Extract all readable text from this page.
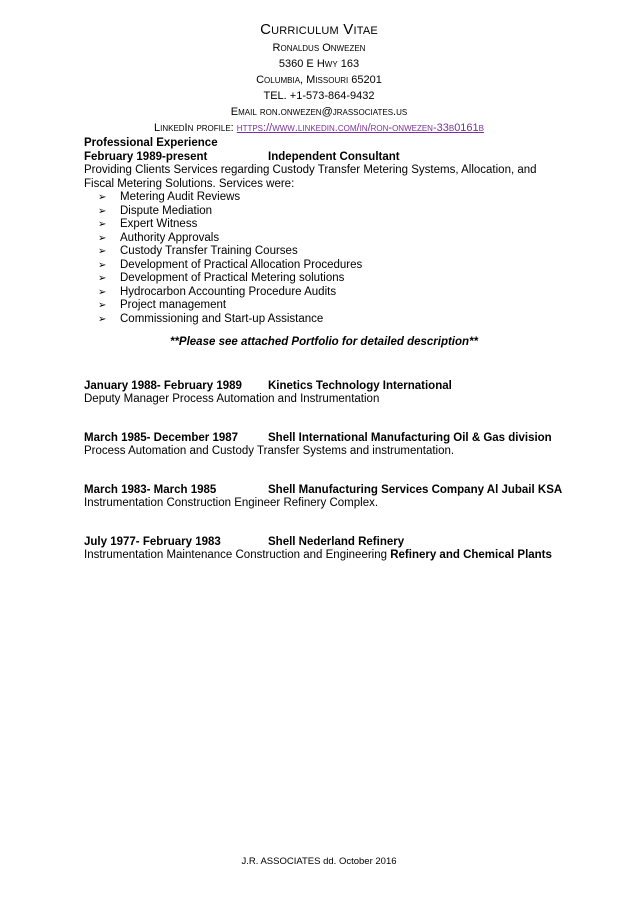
Curriculum Vitae
Ronaldus Onwezen
5360 E Hwy 163
Columbia, Missouri 65201
TEL. +1-573-864-9432
Email ron.onwezen@jrassociates.us
LinkedIn profile: https://www.linkedin.com/in/ron-onwezen-33b0161b
Professional Experience
February 1989-present	Independent Consultant
Providing Clients Services regarding Custody Transfer Metering Systems, Allocation, and Fiscal Metering Solutions. Services were:
➢	Metering Audit Reviews
➢	Dispute Mediation
➢	Expert Witness
➢	Authority Approvals
➢	Custody Transfer Training Courses
➢	Development of Practical Allocation Procedures
➢	Development of Practical Metering solutions
➢	Hydrocarbon Accounting Procedure Audits
➢	Project management
➢	Commissioning and Start-up Assistance
**Please see attached Portfolio for detailed description**
January 1988- February 1989	Kinetics Technology International
Deputy Manager Process Automation and Instrumentation
March 1985- December 1987	Shell International Manufacturing Oil & Gas division
Process Automation and Custody Transfer Systems and instrumentation.
March 1983- March 1985	Shell Manufacturing Services Company Al Jubail KSA
Instrumentation Construction Engineer Refinery Complex.
July 1977- February 1983	Shell Nederland Refinery
Instrumentation Maintenance Construction and Engineering Refinery and Chemical Plants
J.R. ASSOCIATES dd. October 2016
